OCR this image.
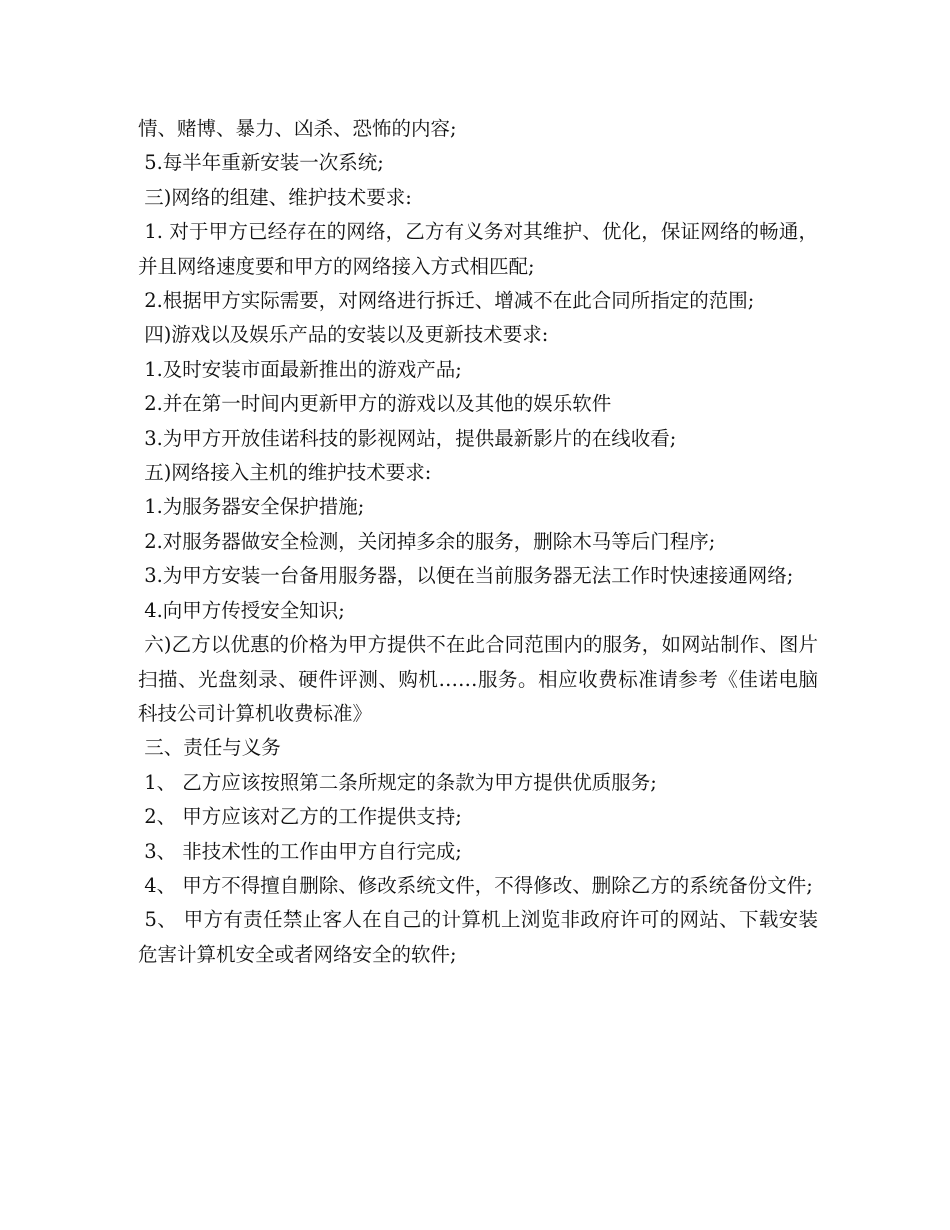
情、赌博、暴力、凶杀、恐怖的内容;

5.每半年重新安装一次系统;

三)网络的组建、维护技术要求:

1. 对于甲方已经存在的网络，乙方有义务对其维护、优化，保证网络的畅通，并且网络速度要和甲方的网络接入方式相匹配;

2.根据甲方实际需要，对网络进行拆迁、增减不在此合同所指定的范围;

四)游戏以及娱乐产品的安装以及更新技术要求:

1.及时安装市面最新推出的游戏产品;

2.并在第一时间内更新甲方的游戏以及其他的娱乐软件

3.为甲方开放佳诺科技的影视网站，提供最新影片的在线收看;

五)网络接入主机的维护技术要求:

1.为服务器安全保护措施;

2.对服务器做安全检测，关闭掉多余的服务，删除木马等后门程序;

3.为甲方安装一台备用服务器，以便在当前服务器无法工作时快速接通网络;

4.向甲方传授安全知识;

六)乙方以优惠的价格为甲方提供不在此合同范围内的服务，如网站制作、图片扫描、光盘刻录、硬件评测、购机……服务。相应收费标准请参考《佳诺电脑科技公司计算机收费标准》

三、责任与义务

1、 乙方应该按照第二条所规定的条款为甲方提供优质服务;

2、 甲方应该对乙方的工作提供支持;

3、 非技术性的工作由甲方自行完成;

4、 甲方不得擅自删除、修改系统文件，不得修改、删除乙方的系统备份文件;

5、 甲方有责任禁止客人在自己的计算机上浏览非政府许可的网站、下载安装危害计算机安全或者网络安全的软件;
